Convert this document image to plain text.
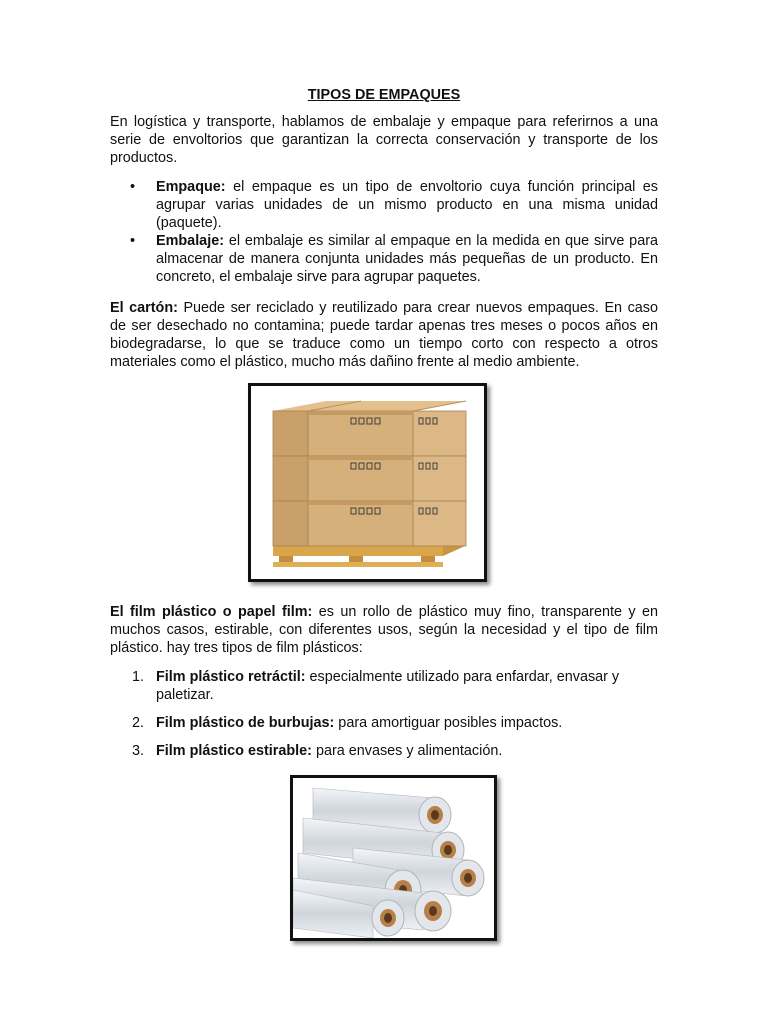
TIPOS DE EMPAQUES

En logística y transporte, hablamos de embalaje y empaque para referirnos a una serie de envoltorios que garantizan la correcta conservación y transporte de los productos.

• Empaque: el empaque es un tipo de envoltorio cuya función principal es agrupar varias unidades de un mismo producto en una misma unidad (paquete).
• Embalaje: el embalaje es similar al empaque en la medida en que sirve para almacenar de manera conjunta unidades más pequeñas de un producto. En concreto, el embalaje sirve para agrupar paquetes.

El cartón: Puede ser reciclado y reutilizado para crear nuevos empaques. En caso de ser desechado no contamina; puede tardar apenas tres meses o pocos años en biodegradarse, lo que se traduce como un tiempo corto con respecto a otros materiales como el plástico, mucho más dañino frente al medio ambiente.

El film plástico o papel film: es un rollo de plástico muy fino, transparente y en muchos casos, estirable, con diferentes usos, según la necesidad y el tipo de film plástico. hay tres tipos de film plásticos:

1. Film plástico retráctil: especialmente utilizado para enfardar, envasar y paletizar.
2. Film plástico de burbujas: para amortiguar posibles impactos.
3. Film plástico estirable: para envases y alimentación.
